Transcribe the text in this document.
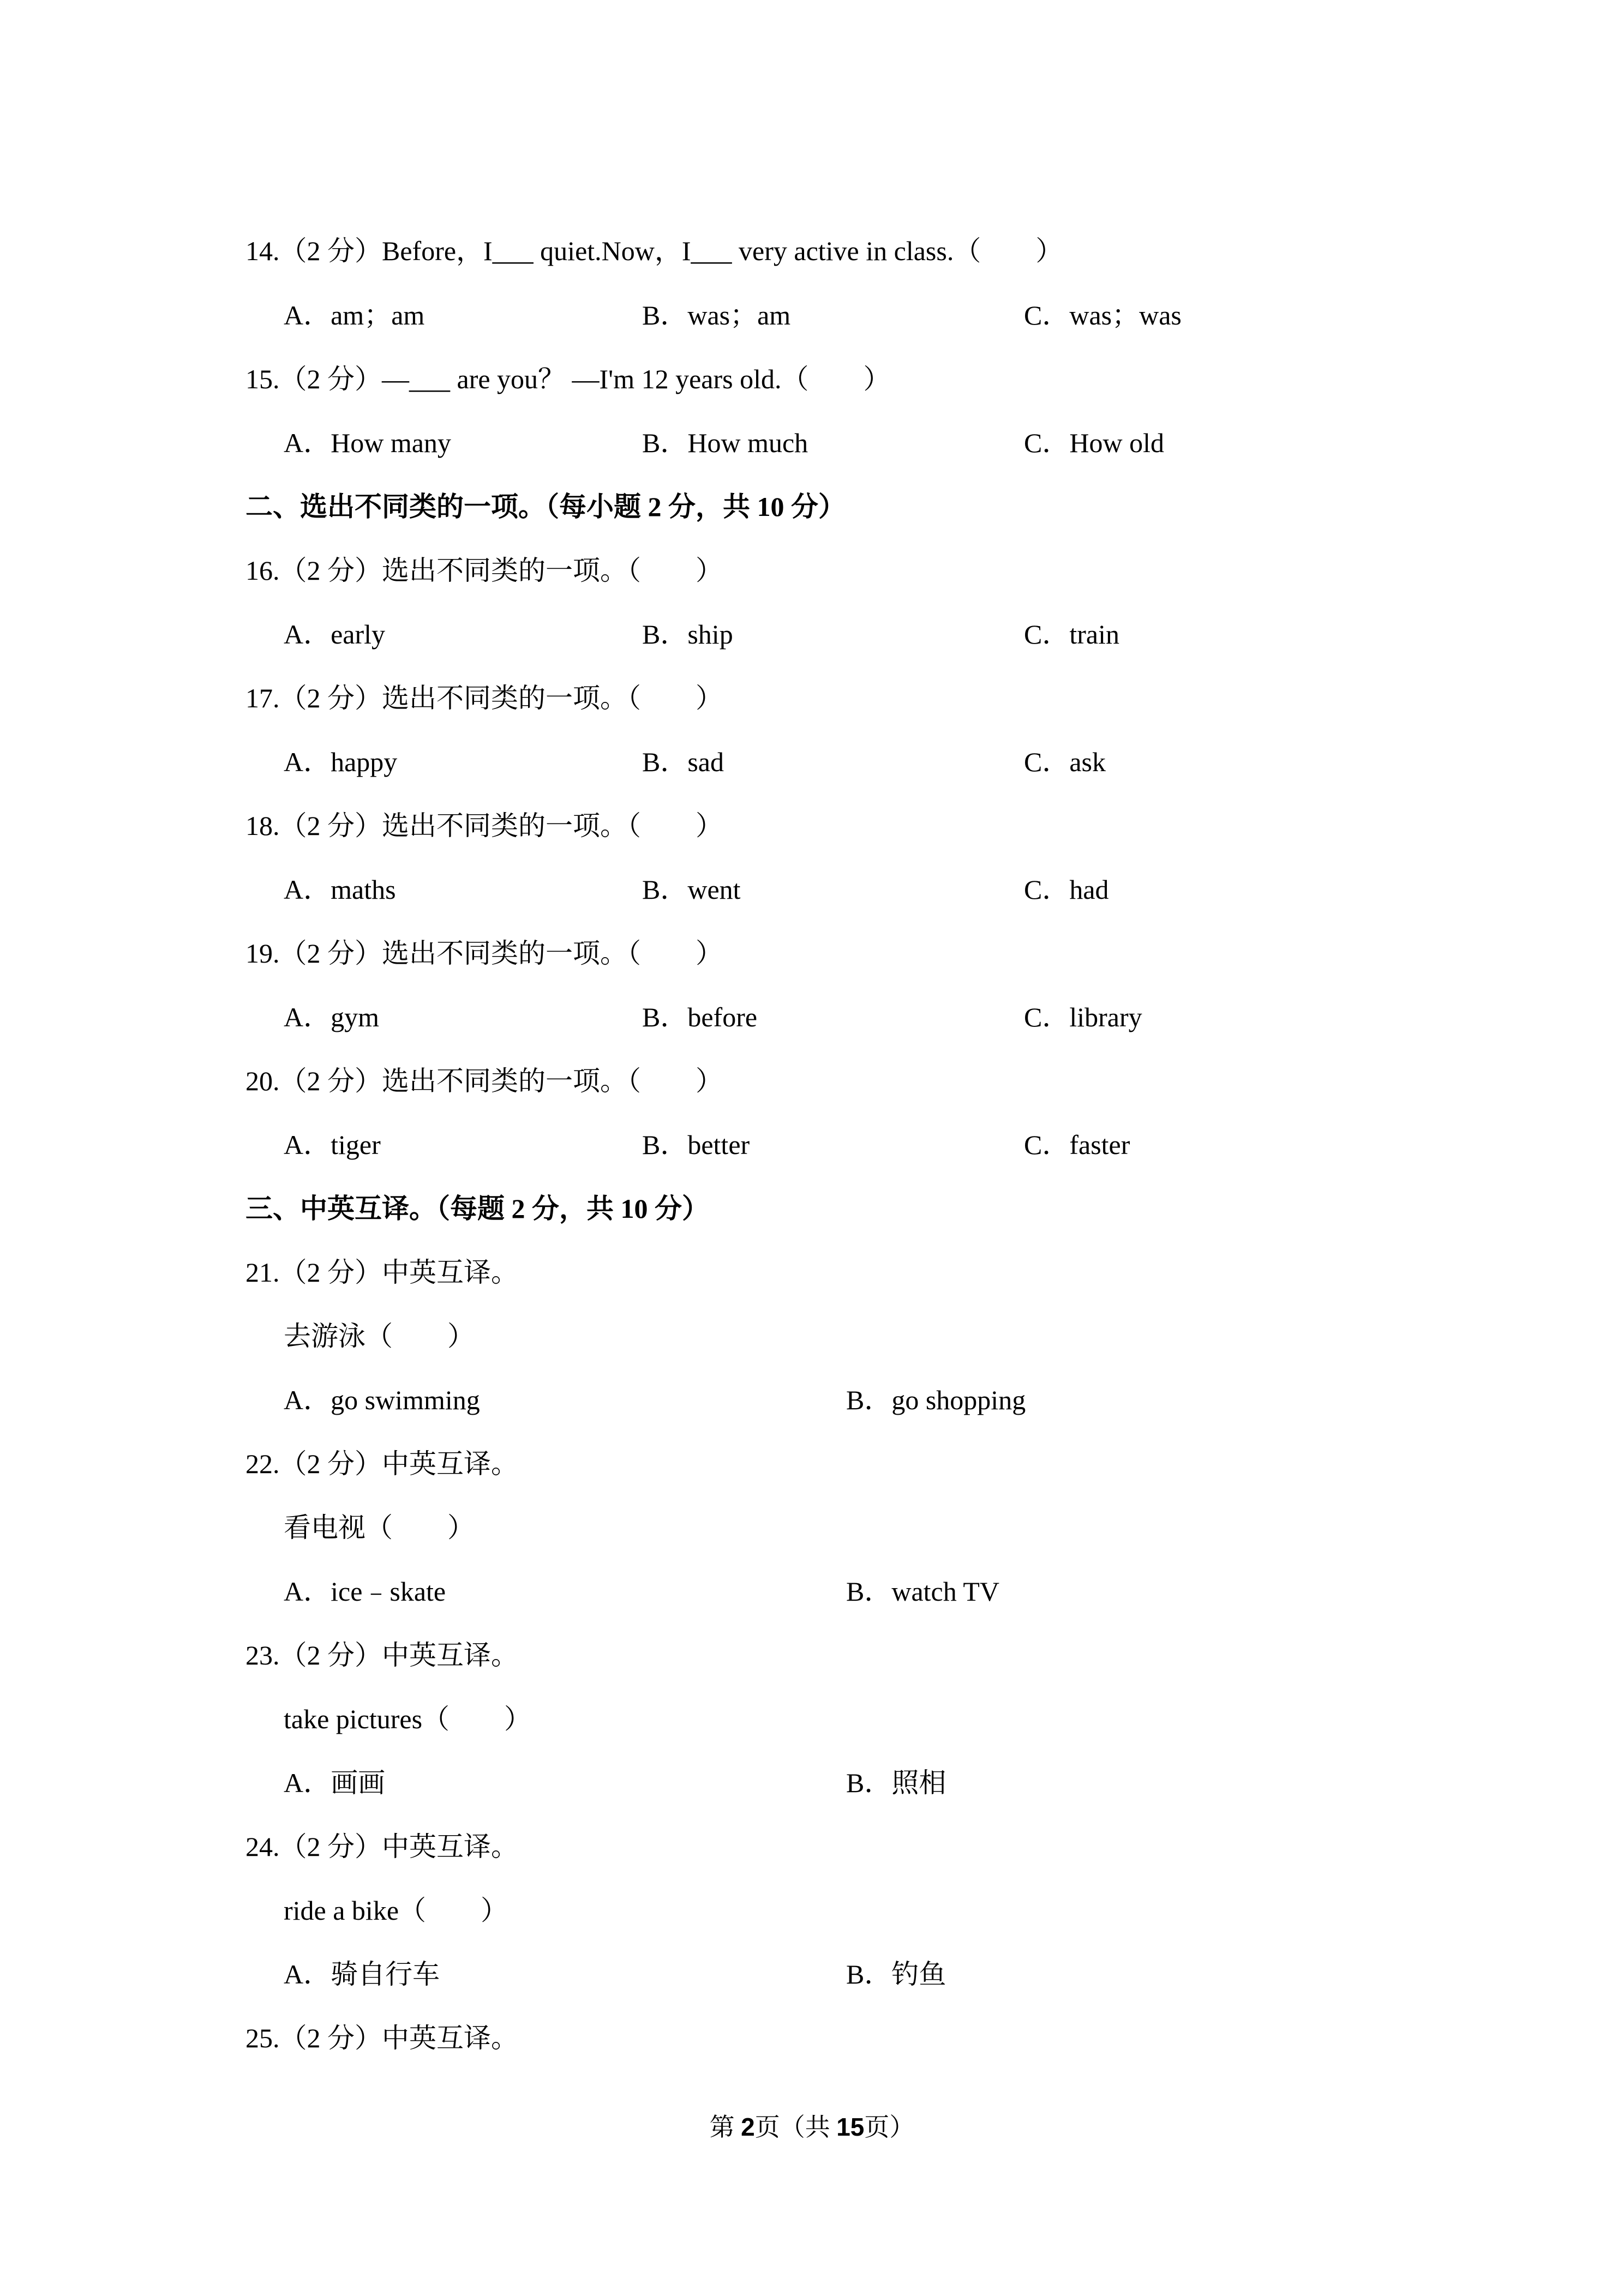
14.（2 分）Before，I___ quiet.Now，I___ very active in class.（　　）
A．am；am	B．was；am	C．was；was
15.（2 分）—___ are you？ —I'm 12 years old.（　　）
A．How many	B．How much	C．How old
二、选出不同类的一项。（每小题 2 分，共 10 分）
16.（2 分）选出不同类的一项。（　　）
A．early	B．ship	C．train
17.（2 分）选出不同类的一项。（　　）
A．happy	B．sad	C．ask
18.（2 分）选出不同类的一项。（　　）
A．maths	B．went	C．had
19.（2 分）选出不同类的一项。（　　）
A．gym	B．before	C．library
20.（2 分）选出不同类的一项。（　　）
A．tiger	B．better	C．faster
三、中英互译。（每题 2 分，共 10 分）
21.（2 分）中英互译。
去游泳（　　）
A．go swimming	B．go shopping
22.（2 分）中英互译。
看电视（　　）
A．ice﹣skate	B．watch TV
23.（2 分）中英互译。
take pictures（　　）
A．画画	B．照相
24.（2 分）中英互译。
ride a bike（　　）
A．骑自行车	B．钓鱼
25.（2 分）中英互译。
第 2页（共 15页）
